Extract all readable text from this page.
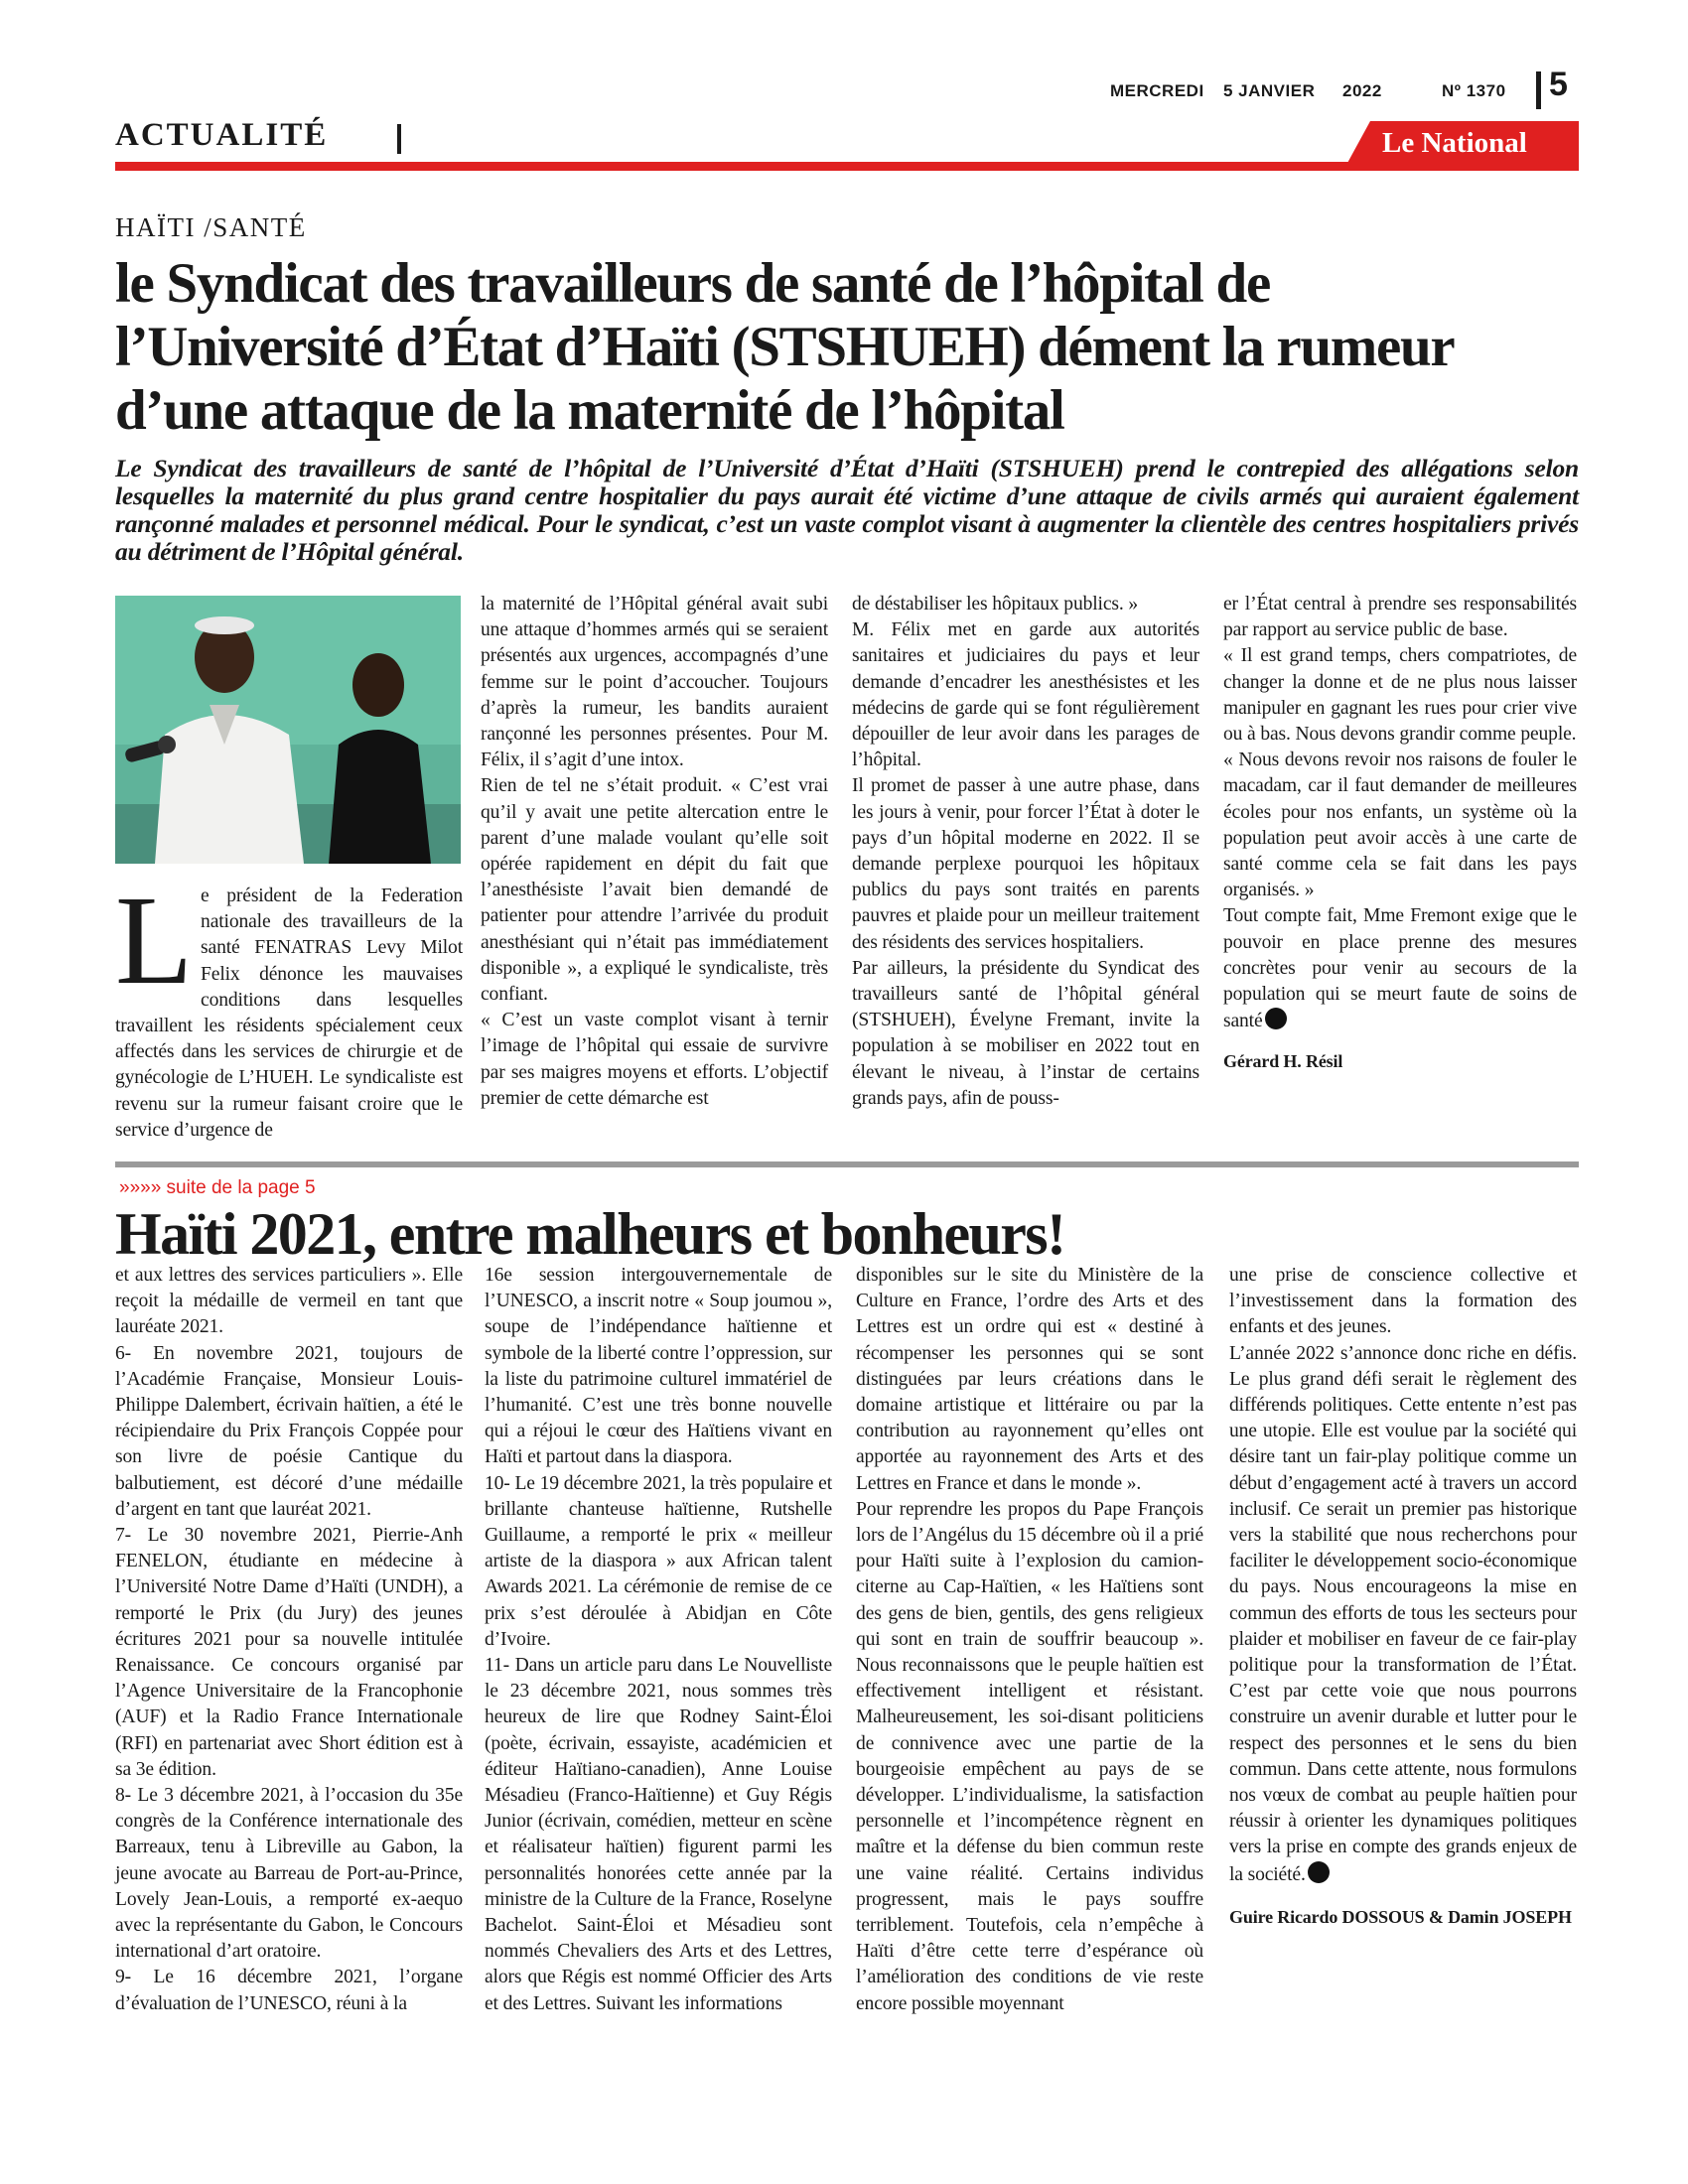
MERCREDI 5 JANVIER 2022	Nº 1370 5
ACTUALITÉ	Le National
HAÏTI /SANTÉ
le Syndicat des travailleurs de santé de l’hôpital de
l’Université d’État d’Haïti (STSHUEH) dément la rumeur
d’une attaque de la maternité de l’hôpital
Le Syndicat des travailleurs de santé de l’hôpital de l’Université d’État d’Haïti (STSHUEH) prend le contrepied des allégations selon lesquelles la maternité du plus grand centre hospitalier du pays aurait été victime d’une attaque de civils armés qui auraient également rançonné malades et personnel médical. Pour le syndicat, c’est un vaste complot visant à augmenter la clientèle des centres hospitaliers privés au détriment de l’Hôpital général.
L e président de la Federation nationale des travailleurs de la santé FENATRAS Levy Milot Felix dénonce les mauvaises conditions dans lesquelles travaillent les résidents spécialement ceux affectés dans les services de chirurgie et de gynécologie de L’HUEH. Le syndicaliste est revenu sur la rumeur faisant croire que le service d’urgence de

la maternité de l’Hôpital général avait subi une attaque d’hommes armés qui se seraient présentés aux urgences, accompagnés d’une femme sur le point d’accoucher. Toujours d’après la rumeur, les bandits auraient rançonné les personnes présentes. Pour M. Félix, il s’agit d’une intox.

Rien de tel ne s’était produit. « C’est vrai qu’il y avait une petite altercation entre le parent d’une malade voulant qu’elle soit opérée rapidement en dépit du fait que l’anesthésiste l’avait bien demandé de patienter pour attendre l’arrivée du produit anesthésiant qui n’était pas immédiatement disponible », a expliqué le syndicaliste, très confiant.

« C’est un vaste complot visant à ternir l’image de l’hôpital qui essaie de survivre par ses maigres moyens et efforts. L’objectif premier de cette démarche est

de déstabiliser les hôpitaux publics. »

M. Félix met en garde aux autorités sanitaires et judiciaires du pays et leur demande d’encadrer les anesthésistes et les médecins de garde qui se font régulièrement dépouiller de leur avoir dans les parages de l’hôpital.

Il promet de passer à une autre phase, dans les jours à venir, pour forcer l’État à doter le pays d’un hôpital moderne en 2022. Il se demande perplexe pourquoi les hôpitaux publics du pays sont traités en parents pauvres et plaide pour un meilleur traitement des résidents des services hospitaliers.

Par ailleurs, la présidente du Syndicat des travailleurs santé de l’hôpital général (STSHUEH), Évelyne Fremant, invite la population à se mobiliser en 2022 tout en élevant le niveau, à l’instar de certains grands pays, afin de pouss-

er l’État central à prendre ses responsabilités par rapport au service public de base.

« Il est grand temps, chers compatriotes, de changer la donne et de ne plus nous laisser manipuler en gagnant les rues pour crier vive ou à bas. Nous devons grandir comme peuple.

« Nous devons revoir nos raisons de fouler le macadam, car il faut demander de meilleures écoles pour nos enfants, un système où la population peut avoir accès à une carte de santé comme cela se fait dans les pays organisés. »

Tout compte fait, Mme Fremont exige que le pouvoir en place prenne des mesures concrètes pour venir au secours de la population qui se meurt faute de soins de santé

Gérard H. Résil

»»»» suite de la page 5
Haïti 2021, entre malheurs et bonheurs!

et aux lettres des services particuliers ». Elle reçoit la médaille de vermeil en tant que lauréate 2021.

6- En novembre 2021, toujours de l’Académie Française, Monsieur Louis-Philippe Dalembert, écrivain haïtien, a été le récipiendaire du Prix François Coppée pour son livre de poésie Cantique du balbutiement, est décoré d’une médaille d’argent en tant que lauréat 2021.

7- Le 30 novembre 2021, Pierrie-Anh FENELON, étudiante en médecine à l’Université Notre Dame d’Haïti (UNDH), a remporté le Prix (du Jury) des jeunes écritures 2021 pour sa nouvelle intitulée Renaissance. Ce concours organisé par l’Agence Universitaire de la Francophonie (AUF) et la Radio France Internationale (RFI) en partenariat avec Short édition est à sa 3e édition.

8- Le 3 décembre 2021, à l’occasion du 35e congrès de la Conférence internationale des Barreaux, tenu à Libreville au Gabon, la jeune avocate au Barreau de Port-au-Prince, Lovely Jean-Louis, a remporté ex-aequo avec la représentante du Gabon, le Concours international d’art oratoire.

9- Le 16 décembre 2021, l’organe d’évaluation de l’UNESCO, réuni à la

16e session intergouvernementale de l’UNESCO, a inscrit notre « Soup joumou », soupe de l’indépendance haïtienne et symbole de la liberté contre l’oppression, sur la liste du patrimoine culturel immatériel de l’humanité. C’est une très bonne nouvelle qui a réjoui le cœur des Haïtiens vivant en Haïti et partout dans la diaspora.

10- Le 19 décembre 2021, la très populaire et brillante chanteuse haïtienne, Rutshelle Guillaume, a remporté le prix « meilleur artiste de la diaspora » aux African talent Awards 2021. La cérémonie de remise de ce prix s’est déroulée à Abidjan en Côte d’Ivoire.

11- Dans un article paru dans Le Nouvelliste le 23 décembre 2021, nous sommes très heureux de lire que Rodney Saint-Éloi (poète, écrivain, essayiste, académicien et éditeur Haïtiano-canadien), Anne Louise Mésadieu (Franco-Haïtienne) et Guy Régis Junior (écrivain, comédien, metteur en scène et réalisateur haïtien) figurent parmi les personnalités honorées cette année par la ministre de la Culture de la France, Roselyne Bachelot. Saint-Éloi et Mésadieu sont nommés Chevaliers des Arts et des Lettres, alors que Régis est nommé Officier des Arts et des Lettres. Suivant les informations

disponibles sur le site du Ministère de la Culture en France, l’ordre des Arts et des Lettres est un ordre qui est « destiné à récompenser les personnes qui se sont distinguées par leurs créations dans le domaine artistique et littéraire ou par la contribution au rayonnement qu’elles ont apportée au rayonnement des Arts et des Lettres en France et dans le monde ».

Pour reprendre les propos du Pape François lors de l’Angélus du 15 décembre où il a prié pour Haïti suite à l’explosion du camion-citerne au Cap-Haïtien, « les Haïtiens sont des gens de bien, gentils, des gens religieux qui sont en train de souffrir beaucoup ». Nous reconnaissons que le peuple haïtien est effectivement intelligent et résistant. Malheureusement, les soi-disant politiciens de connivence avec une partie de la bourgeoisie empêchent au pays de se développer. L’individualisme, la satisfaction personnelle et l’incompétence règnent en maître et la défense du bien commun reste une vaine réalité. Certains individus progressent, mais le pays souffre terriblement. Toutefois, cela n’empêche à Haïti d’être cette terre d’espérance où l’amélioration des conditions de vie reste encore possible moyennant

une prise de conscience collective et l’investissement dans la formation des enfants et des jeunes.

L’année 2022 s’annonce donc riche en défis. Le plus grand défi serait le règlement des différends politiques. Cette entente n’est pas une utopie. Elle est voulue par la société qui désire tant un fair-play politique comme un début d’engagement acté à travers un accord inclusif. Ce serait un premier pas historique vers la stabilité que nous recherchons pour faciliter le développement socio-économique du pays. Nous encourageons la mise en commun des efforts de tous les secteurs pour plaider et mobiliser en faveur de ce fair-play politique pour la transformation de l’État. C’est par cette voie que nous pourrons construire un avenir durable et lutter pour le respect des personnes et le sens du bien commun. Dans cette attente, nous formulons nos vœux de combat au peuple haïtien pour réussir à orienter les dynamiques politiques vers la prise en compte des grands enjeux de la société.

Guire Ricardo DOSSOUS & Damin JOSEPH
